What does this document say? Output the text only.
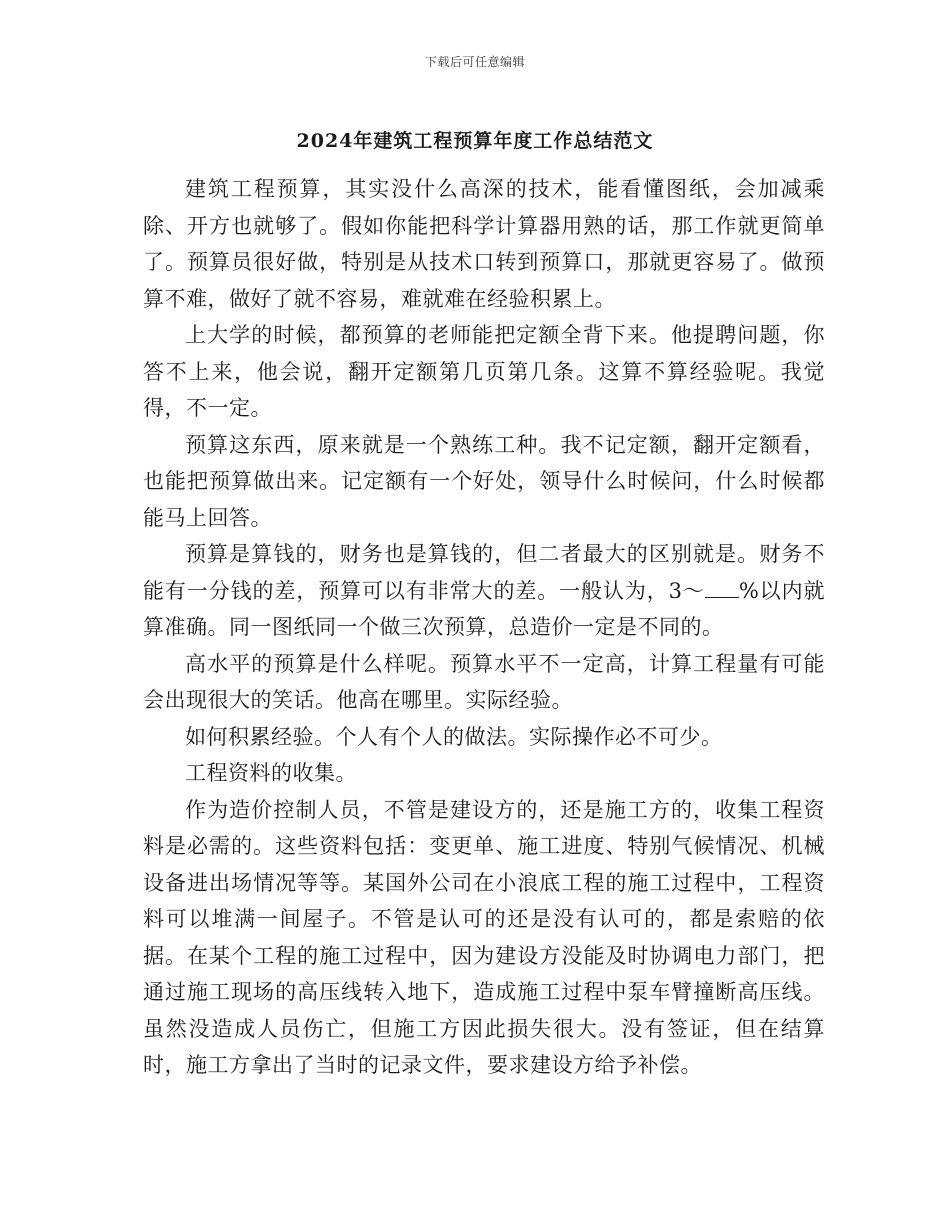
下载后可任意编辑
2024年建筑工程预算年度工作总结范文

建筑工程预算，其实没什么高深的技术，能看懂图纸，会加减乘除、开方也就够了。假如你能把科学计算器用熟的话，那工作就更简单了。预算员很好做，特别是从技术口转到预算口，那就更容易了。做预算不难，做好了就不容易，难就难在经验积累上。

上大学的时候，都预算的老师能把定额全背下来。他提聘问题，你答不上来，他会说，翻开定额第几页第几条。这算不算经验呢。我觉得，不一定。

预算这东西，原来就是一个熟练工种。我不记定额，翻开定额看，也能把预算做出来。记定额有一个好处，领导什么时候问，什么时候都能马上回答。

预算是算钱的，财务也是算钱的，但二者最大的区别就是。财务不能有一分钱的差，预算可以有非常大的差。一般认为，3～ %以内就算准确。同一图纸同一个做三次预算，总造价一定是不同的。

高水平的预算是什么样呢。预算水平不一定高，计算工程量有可能会出现很大的笑话。他高在哪里。实际经验。

如何积累经验。个人有个人的做法。实际操作必不可少。

工程资料的收集。

作为造价控制人员，不管是建设方的，还是施工方的，收集工程资料是必需的。这些资料包括：变更单、施工进度、特别气候情况、机械设备进出场情况等等。某国外公司在小浪底工程的施工过程中，工程资料可以堆满一间屋子。不管是认可的还是没有认可的，都是索赔的依据。在某个工程的施工过程中，因为建设方没能及时协调电力部门，把通过施工现场的高压线转入地下，造成施工过程中泵车臂撞断高压线。虽然没造成人员伤亡，但施工方因此损失很大。没有签证，但在结算时，施工方拿出了当时的记录文件，要求建设方给予补偿。
